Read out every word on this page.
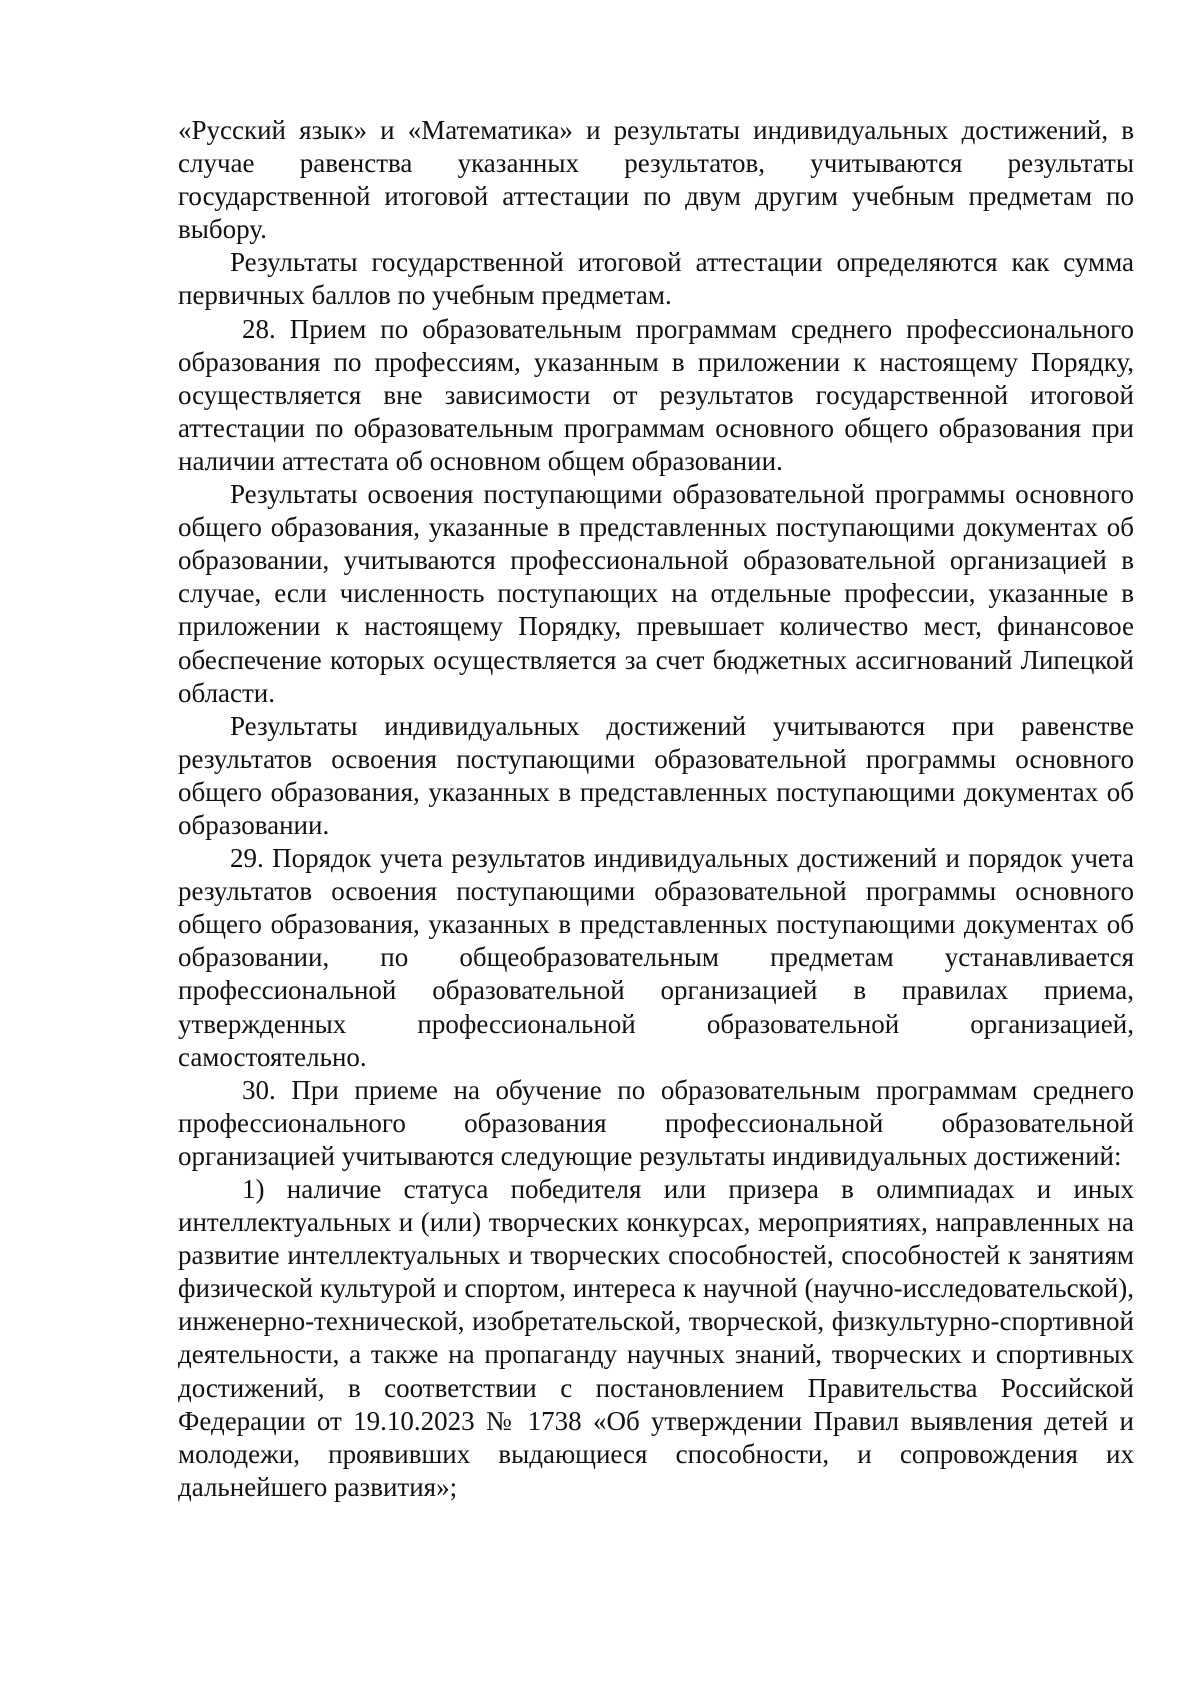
«Русский язык» и «Математика» и результаты индивидуальных достижений, в случае равенства указанных результатов, учитываются результаты государственной итоговой аттестации по двум другим учебным предметам по выбору.

Результаты государственной итоговой аттестации определяются как сумма первичных баллов по учебным предметам.

28. Прием по образовательным программам среднего профессионального образования по профессиям, указанным в приложении к настоящему Порядку, осуществляется вне зависимости от результатов государственной итоговой аттестации по образовательным программам основного общего образования при наличии аттестата об основном общем образовании.

Результаты освоения поступающими образовательной программы основного общего образования, указанные в представленных поступающими документах об образовании, учитываются профессиональной образовательной организацией в случае, если численность поступающих на отдельные профессии, указанные в приложении к настоящему Порядку, превышает количество мест, финансовое обеспечение которых осуществляется за счет бюджетных ассигнований Липецкой области.

Результаты индивидуальных достижений учитываются при равенстве результатов освоения поступающими образовательной программы основного общего образования, указанных в представленных поступающими документах об образовании.

29. Порядок учета результатов индивидуальных достижений и порядок учета результатов освоения поступающими образовательной программы основного общего образования, указанных в представленных поступающими документах об образовании, по общеобразовательным предметам устанавливается профессиональной образовательной организацией в правилах приема, утвержденных профессиональной образовательной организацией, самостоятельно.

30. При приеме на обучение по образовательным программам среднего профессионального образования профессиональной образовательной организацией учитываются следующие результаты индивидуальных достижений:

1) наличие статуса победителя или призера в олимпиадах и иных интеллектуальных и (или) творческих конкурсах, мероприятиях, направленных на развитие интеллектуальных и творческих способностей, способностей к занятиям физической культурой и спортом, интереса к научной (научно-исследовательской), инженерно-технической, изобретательской, творческой, физкультурно-спортивной деятельности, а также на пропаганду научных знаний, творческих и спортивных достижений, в соответствии с постановлением Правительства Российской Федерации от 19.10.2023 № 1738 «Об утверждении Правил выявления детей и молодежи, проявивших выдающиеся способности, и сопровождения их дальнейшего развития»;
